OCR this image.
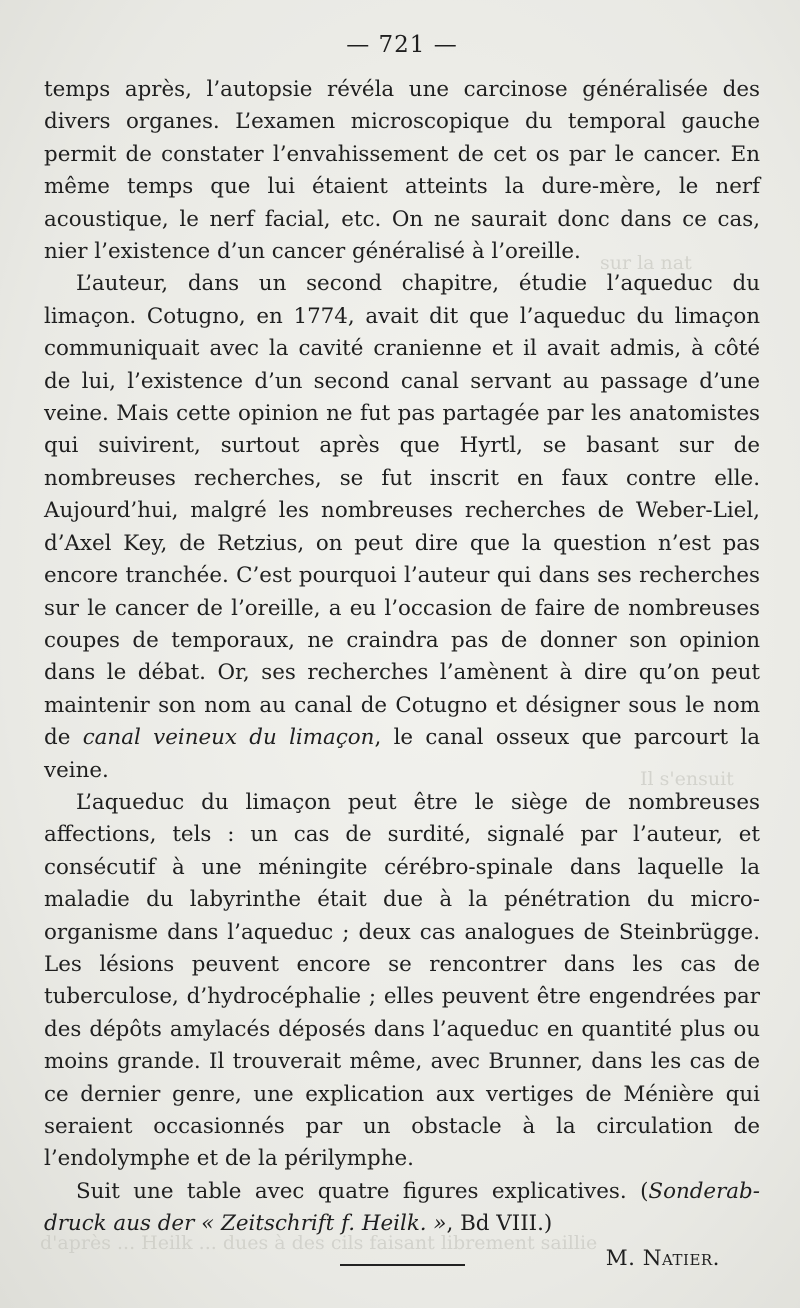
sur la nat
Il s'ensuit
d'après ... Heilk ... dues à des cils faisant librement saillie
— 721 —

temps après, l’autopsie révéla une carcinose généralisée des divers organes. L’examen microscopique du temporal gauche permit de constater l’envahissement de cet os par le cancer. En même temps que lui étaient atteints la dure-mère, le nerf acoustique, le nerf facial, etc. On ne saurait donc dans ce cas, nier l’existence d’un cancer généralisé à l’oreille.

L’auteur, dans un second chapitre, étudie l’aqueduc du limaçon. Cotugno, en 1774, avait dit que l’aqueduc du limaçon communiquait avec la cavité cranienne et il avait admis, à côté de lui, l’existence d’un second canal servant au passage d’une veine. Mais cette opinion ne fut pas partagée par les anatomistes qui suivirent, surtout après que Hyrtl, se basant sur de nombreuses recherches, se fut inscrit en faux contre elle. Aujourd’hui, malgré les nombreuses recherches de Weber-Liel, d’Axel Key, de Retzius, on peut dire que la question n’est pas encore tranchée. C’est pourquoi l’auteur qui dans ses recherches sur le cancer de l’oreille, a eu l’occasion de faire de nombreuses coupes de temporaux, ne craindra pas de donner son opinion dans le débat. Or, ses recherches l’amènent à dire qu’on peut maintenir son nom au canal de Cotugno et désigner sous le nom de canal veineux du limaçon, le canal osseux que parcourt la veine.

L’aqueduc du limaçon peut être le siège de nombreuses affections, tels : un cas de surdité, signalé par l’auteur, et consécutif à une méningite cérébro-spinale dans laquelle la maladie du labyrinthe était due à la pénétration du microorganisme dans l’aqueduc ; deux cas analogues de Steinbrügge. Les lésions peuvent encore se rencontrer dans les cas de tuberculose, d’hydrocéphalie ; elles peuvent être engendrées par des dépôts amylacés déposés dans l’aqueduc en quantité plus ou moins grande. Il trouverait même, avec Brunner, dans les cas de ce dernier genre, une explication aux vertiges de Ménière qui seraient occasionnés par un obstacle à la circulation de l’endolymphe et de la périlymphe.

Suit une table avec quatre figures explicatives. (Sonderabdruck aus der « Zeitschrift f. Heilk. », Bd VIII.)

M. Natier.
